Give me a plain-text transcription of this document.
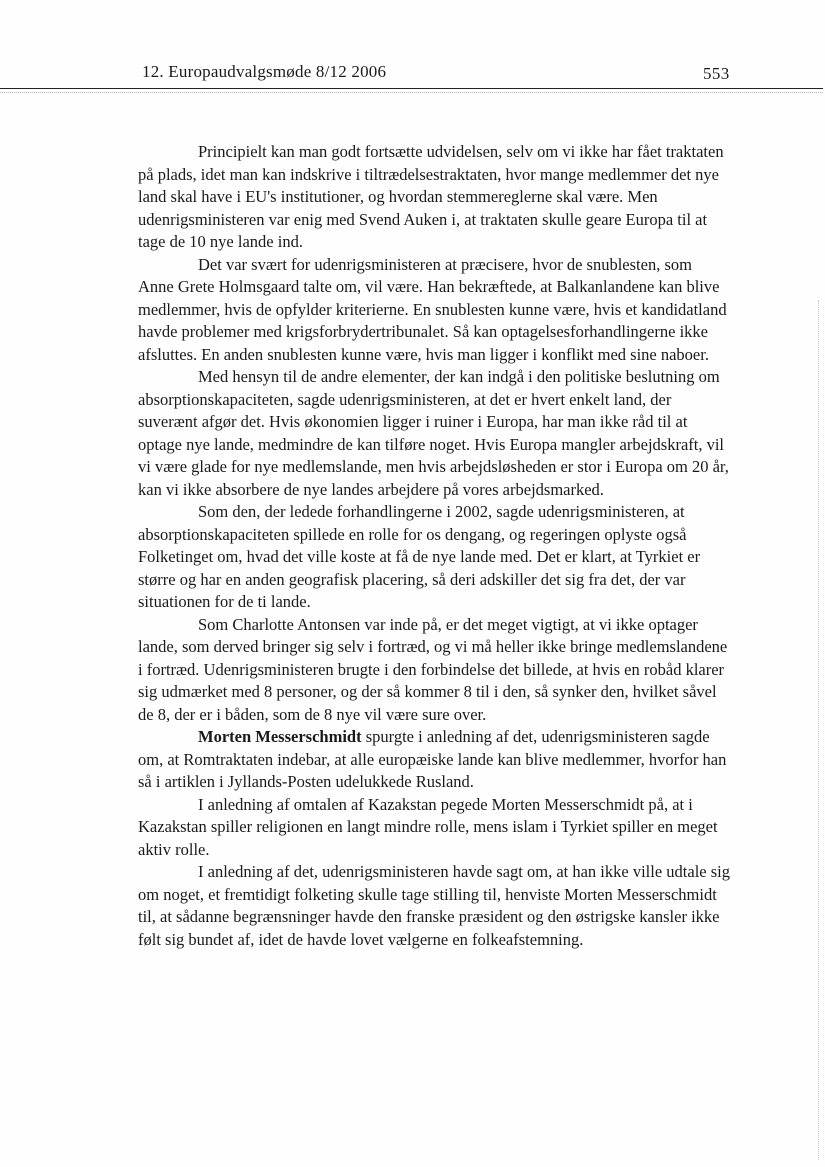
12. Europaudvalgsmøde 8/12 2006	553

Principielt kan man godt fortsætte udvidelsen, selv om vi ikke har fået traktaten på plads, idet man kan indskrive i tiltrædelsestraktaten, hvor mange medlemmer det nye land skal have i EU's institutioner, og hvordan stemmereglerne skal være. Men udenrigsministeren var enig med Svend Auken i, at traktaten skulle geare Europa til at tage de 10 nye lande ind.

Det var svært for udenrigsministeren at præcisere, hvor de snublesten, som Anne Grete Holmsgaard talte om, vil være. Han bekræftede, at Balkanlandene kan blive medlemmer, hvis de opfylder kriterierne. En snublesten kunne være, hvis et kandidatland havde problemer med krigsforbrydertribunalet. Så kan optagelsesforhandlingerne ikke afsluttes. En anden snublesten kunne være, hvis man ligger i konflikt med sine naboer.

Med hensyn til de andre elementer, der kan indgå i den politiske beslutning om absorptionskapaciteten, sagde udenrigsministeren, at det er hvert enkelt land, der suverænt afgør det. Hvis økonomien ligger i ruiner i Europa, har man ikke råd til at optage nye lande, medmindre de kan tilføre noget. Hvis Europa mangler arbejdskraft, vil vi være glade for nye medlemslande, men hvis arbejdsløsheden er stor i Europa om 20 år, kan vi ikke absorbere de nye landes arbejdere på vores arbejdsmarked.

Som den, der ledede forhandlingerne i 2002, sagde udenrigsministeren, at absorptionskapaciteten spillede en rolle for os dengang, og regeringen oplyste også Folketinget om, hvad det ville koste at få de nye lande med. Det er klart, at Tyrkiet er større og har en anden geografisk placering, så deri adskiller det sig fra det, der var situationen for de ti lande.

Som Charlotte Antonsen var inde på, er det meget vigtigt, at vi ikke optager lande, som derved bringer sig selv i fortræd, og vi må heller ikke bringe medlemslandene i fortræd. Udenrigsministeren brugte i den forbindelse det billede, at hvis en robåd klarer sig udmærket med 8 personer, og der så kommer 8 til i den, så synker den, hvilket såvel de 8, der er i båden, som de 8 nye vil være sure over.

Morten Messerschmidt spurgte i anledning af det, udenrigsministeren sagde om, at Romtraktaten indebar, at alle europæiske lande kan blive medlemmer, hvorfor han så i artiklen i Jyllands-Posten udelukkede Rusland.

I anledning af omtalen af Kazakstan pegede Morten Messerschmidt på, at i Kazakstan spiller religionen en langt mindre rolle, mens islam i Tyrkiet spiller en meget aktiv rolle.

I anledning af det, udenrigsministeren havde sagt om, at han ikke ville udtale sig om noget, et fremtidigt folketing skulle tage stilling til, henviste Morten Messerschmidt til, at sådanne begrænsninger havde den franske præsident og den østrigske kansler ikke følt sig bundet af, idet de havde lovet vælgerne en folkeafstemning.
